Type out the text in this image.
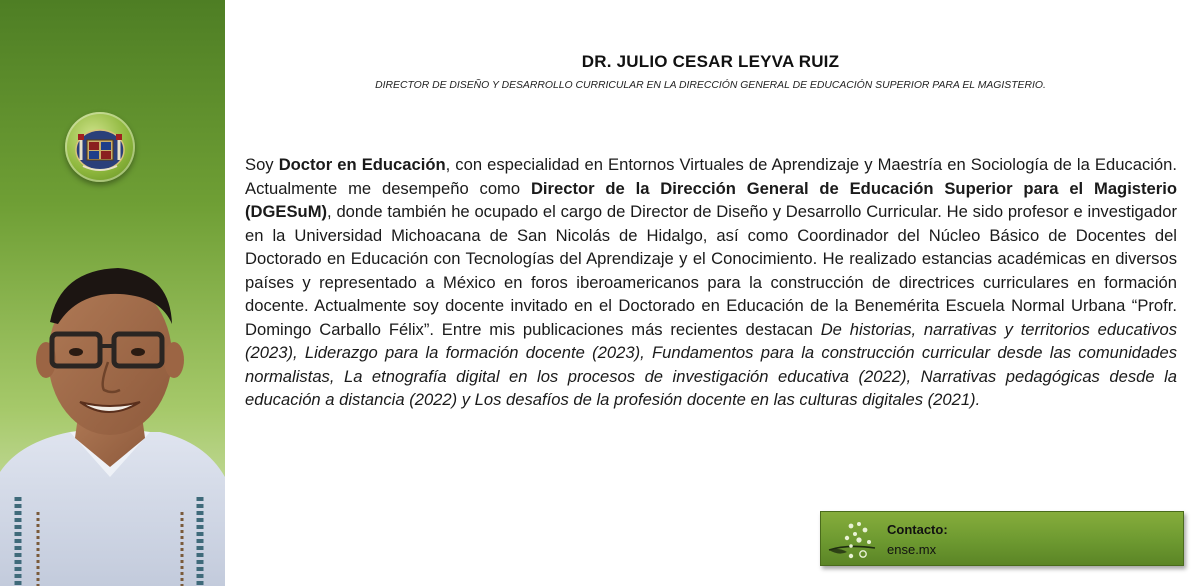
DR. JULIO CESAR LEYVA RUIZ
DIRECTOR DE DISEÑO Y DESARROLLO CURRICULAR EN LA DIRECCIÓN GENERAL DE EDUCACIÓN SUPERIOR PARA EL MAGISTERIO.

Soy Doctor en Educación, con especialidad en Entornos Virtuales de Aprendizaje y Maestría en Sociología de la Educación. Actualmente me desempeño como Director de la Dirección General de Educación Superior para el Magisterio (DGESuM), donde también he ocupado el cargo de Director de Diseño y Desarrollo Curricular. He sido profesor e investigador en la Universidad Michoacana de San Nicolás de Hidalgo, así como Coordinador del Núcleo Básico de Docentes del Doctorado en Educación con Tecnologías del Aprendizaje y el Conocimiento. He realizado estancias académicas en diversos países y representado a México en foros iberoamericanos para la construcción de directrices curriculares en formación docente. Actualmente soy docente invitado en el Doctorado en Educación de la Benemérita Escuela Normal Urbana “Profr. Domingo Carballo Félix”. Entre mis publicaciones más recientes destacan De historias, narrativas y territorios educativos (2023), Liderazgo para la formación docente (2023), Fundamentos para la construcción curricular desde las comunidades normalistas, La etnografía digital en los procesos de investigación educativa (2022), Narrativas pedagógicas desde la educación a distancia (2022) y Los desafíos de la profesión docente en las culturas digitales (2021).

Contacto:
ense.mx
